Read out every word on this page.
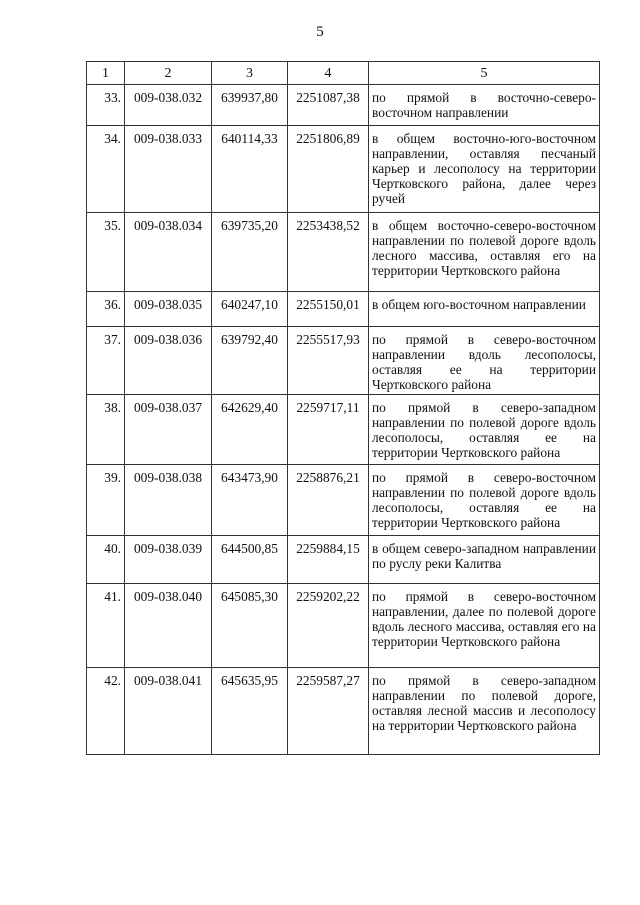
5
1	2	3	4	5
33.	009-038.032	639937,80	2251087,38	по прямой в восточно-северо-восточном направлении
34.	009-038.033	640114,33	2251806,89	в общем восточно-юго-восточном направлении, оставляя песчаный карьер и лесополосу на территории Чертковского района, далее через ручей
35.	009-038.034	639735,20	2253438,52	в общем восточно-северо-восточном направлении по полевой дороге вдоль лесного массива, оставляя его на территории Чертковского района
36.	009-038.035	640247,10	2255150,01	в общем юго-восточном направлении
37.	009-038.036	639792,40	2255517,93	по прямой в северо-восточном направлении вдоль лесополосы, оставляя ее на территории Чертковского района
38.	009-038.037	642629,40	2259717,11	по прямой в северо-западном направлении по полевой дороге вдоль лесополосы, оставляя ее на территории Чертковского района
39.	009-038.038	643473,90	2258876,21	по прямой в северо-восточном направлении по полевой дороге вдоль лесополосы, оставляя ее на территории Чертковского района
40.	009-038.039	644500,85	2259884,15	в общем северо-западном направлении по руслу реки Калитва
41.	009-038.040	645085,30	2259202,22	по прямой в северо-восточном направлении, далее по полевой дороге вдоль лесного массива, оставляя его на территории Чертковского района
42.	009-038.041	645635,95	2259587,27	по прямой в северо-западном направлении по полевой дороге, оставляя лесной массив и лесополосу на территории Чертковского района
